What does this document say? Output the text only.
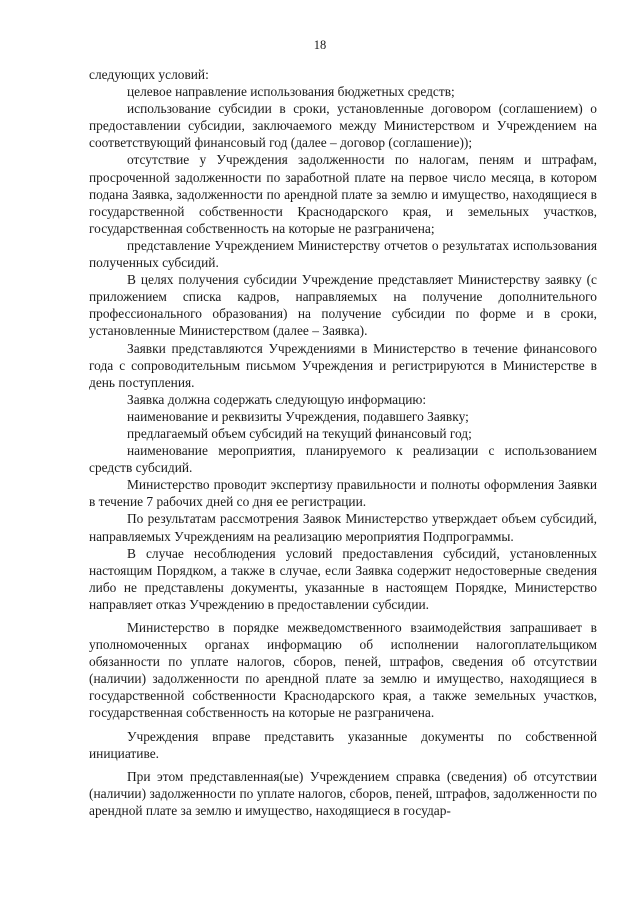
18

следующих условий:

целевое направление использования бюджетных средств;

использование субсидии в сроки, установленные договором (соглашением) о предоставлении субсидии, заключаемого между Министерством и Учреждением на соответствующий финансовый год (далее – договор (соглашение));

отсутствие у Учреждения задолженности по налогам, пеням и штрафам, просроченной задолженности по заработной плате на первое число месяца, в котором подана Заявка, задолженности по арендной плате за землю и имущество, находящиеся в государственной собственности Краснодарского края, и земельных участков, государственная собственность на которые не разграничена;

представление Учреждением Министерству отчетов о результатах использования полученных субсидий.

В целях получения субсидии Учреждение представляет Министерству заявку (с приложением списка кадров, направляемых на получение дополнительного профессионального образования) на получение субсидии по форме и в сроки, установленные Министерством (далее – Заявка).

Заявки представляются Учреждениями в Министерство в течение финансового года с сопроводительным письмом Учреждения и регистрируются в Министерстве в день поступления.

Заявка должна содержать следующую информацию:

наименование и реквизиты Учреждения, подавшего Заявку;

предлагаемый объем субсидий на текущий финансовый год;

наименование мероприятия, планируемого к реализации с использованием средств субсидий.

Министерство проводит экспертизу правильности и полноты оформления Заявки в течение 7 рабочих дней со дня ее регистрации.

По результатам рассмотрения Заявок Министерство утверждает объем субсидий, направляемых Учреждениям на реализацию мероприятия Подпрограммы.

В случае несоблюдения условий предоставления субсидий, установленных настоящим Порядком, а также в случае, если Заявка содержит недостоверные сведения либо не представлены документы, указанные в настоящем Порядке, Министерство направляет отказ Учреждению в предоставлении субсидии.

Министерство в порядке межведомственного взаимодействия запрашивает в уполномоченных органах информацию об исполнении налогоплательщиком обязанности по уплате налогов, сборов, пеней, штрафов, сведения об отсутствии (наличии) задолженности по арендной плате за землю и имущество, находящиеся в государственной собственности Краснодарского края, а также земельных участков, государственная собственность на которые не разграничена.

Учреждения вправе представить указанные документы по собственной инициативе.

При этом представленная(ые) Учреждением справка (сведения) об отсутствии (наличии) задолженности по уплате налогов, сборов, пеней, штрафов, задолженности по арендной плате за землю и имущество, находящиеся в государ-
